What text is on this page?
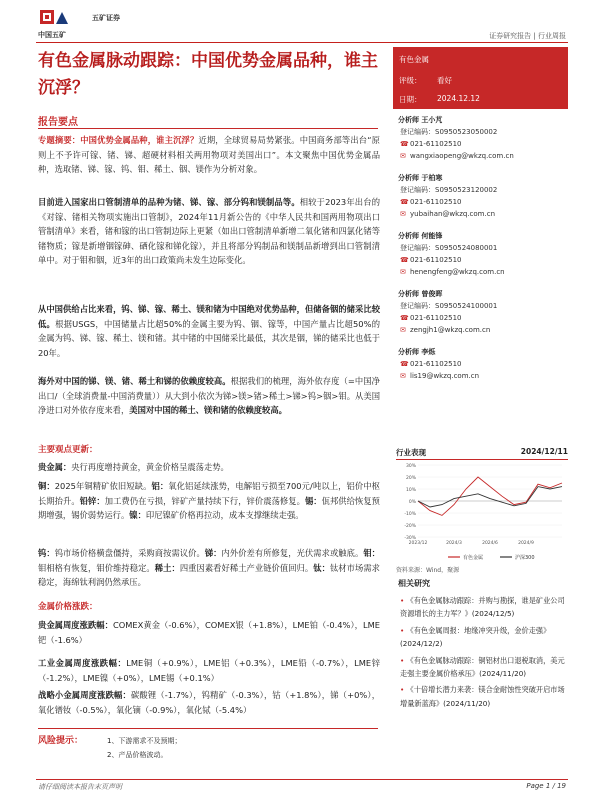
中国五矿
五矿证券
证券研究报告 | 行业周报
有色金属脉动跟踪：中国优势金属品种，谁主沉浮？
有色金属
评级： 看好
日期： 2024.12.12
分析师 王小芃
登记编码：S0950523050002
☎021-61102510
✉ wangxiaopeng@wkzq.com.cn
分析师 于柏寒
登记编码：S0950523120002
☎021-61102510
✉ yubaihan@wkzq.com.cn
分析师 何能锋
登记编码：S0950524080001
☎021-61102510
✉ henengfeng@wkzq.com.cn
分析师 曾俊晖
登记编码：S0950524100001
☎021-61102510
✉ zengjh1@wkzq.com.cn
分析师 李烁
☎021-61102510
✉ lis19@wkzq.com.cn
报告要点
专题摘要：中国优势金属品种，谁主沉浮？近期，全球贸易局势紧张。中国商务部等出台“原则上不予许可镓、锗、锑、超硬材料相关两用物项对美国出口”。本文聚焦中国优势金属品种，选取锗、锑、镓、钨、钼、稀土、铟、镁作为分析对象。
目前进入国家出口管制清单的品种为锗、锑、镓、部分钨和镁制品等。相较于2023年出台的《对镓、锗相关物项实施出口管制》，2024年11月新公告的《中华人民共和国两用物项出口管制清单》来看，锗和镓的出口管制边际上更紧（如出口管制清单新增二氧化锗和四氯化锗等锗物质；镓是新增铟镓砷、硒化镓和锑化镓），并且将部分钨制品和镁制品新增到出口管制清单中。对于钼和铟，近3年的出口政策尚未发生边际变化。
从中国供给占比来看，钨、锑、镓、稀土、镁和锗为中国绝对优势品种，但储备铟的储采比较低。根据USGS，中国储量占比超50%的金属主要为钨、铟、镓等，中国产量占比超50%的金属为钨、锑、镓、稀土、镁和锗。其中锗的中国储采比最低，其次是铟，锑的储采比也低于20年。
海外对中国的锑、镁、锗、稀土和锑的依赖度较高。根据我们的梳理，海外依存度（=中国净出口/（全球消费量-中国消费量））从大到小依次为锑>镁>锗>稀土>锑>钨>铟>钼。从美国净进口对外依存度来看，美国对中国的稀土、镁和锗的依赖度较高。
主要观点更新：
贵金属：央行再度增持黄金，黄金价格呈震荡走势。
铜：2025年铜精矿依旧短缺。铝：氧化铝延续涨势，电解铝亏损至700元/吨以上，铝价中枢长期抬升。铅锌：加工费仍在亏损，锌矿产量持续下行，锌价震荡修复。锡：佤邦供给恢复预期增强，锡价弱势运行。镍：印尼镍矿价格再拉动，成本支撑继续走强。
钨：钨市场价格横盘僵持，采购商按需议价。锑：内外价差有所修复，光伏需求或触底。钼：钼相格有恢复，钼价维持稳定。稀土：四重因素看好稀土产业链价值回归。钛：钛材市场需求稳定，海绵钛利润仍然承压。
金属价格涨跌：
贵金属周度涨跌幅：COMEX黄金（-0.6%），COMEX银（+1.8%），LME铂（-0.4%），LME钯（-1.6%）
工业金属周度涨跌幅：LME铜（+0.9%），LME铝（+0.3%），LME铅（-0.7%），LME锌（-1.2%），LME镍（+0%），LME锡（+0.1%）
战略小金属周度涨跌幅：碳酸锂（-1.7%），钨精矿（-0.3%），钴（+1.8%），锑（+0%），氧化镨钕（-0.5%），氧化镝（-0.9%），氧化铽（-5.4%）
风险提示：	1、下游需求不及预期；
2、产品价格波动。
行业表现	2024/12/11
30%
20%
10%
0%
-10%
-20%
-30%
2023/12	2024/3	2024/6	2024/9
有色金属	沪深300
资料来源：Wind，聚源
相关研究
• 《有色金属脉动跟踪：并购与勘探，谁是矿业公司资源增长的主力军？》(2024/12/5)
• 《有色金属周报：地缘冲突升级，金价走强》(2024/12/2)
• 《有色金属脉动跟踪：铜铝材出口退税取消，美元走强主要金属价格承压》(2024/11/20)
• 《十倍增长潜力来袭：镁合金耐蚀性突破开启市场增量新蓝海》(2024/11/20)
请仔细阅读本报告末页声明	Page 1 / 19
